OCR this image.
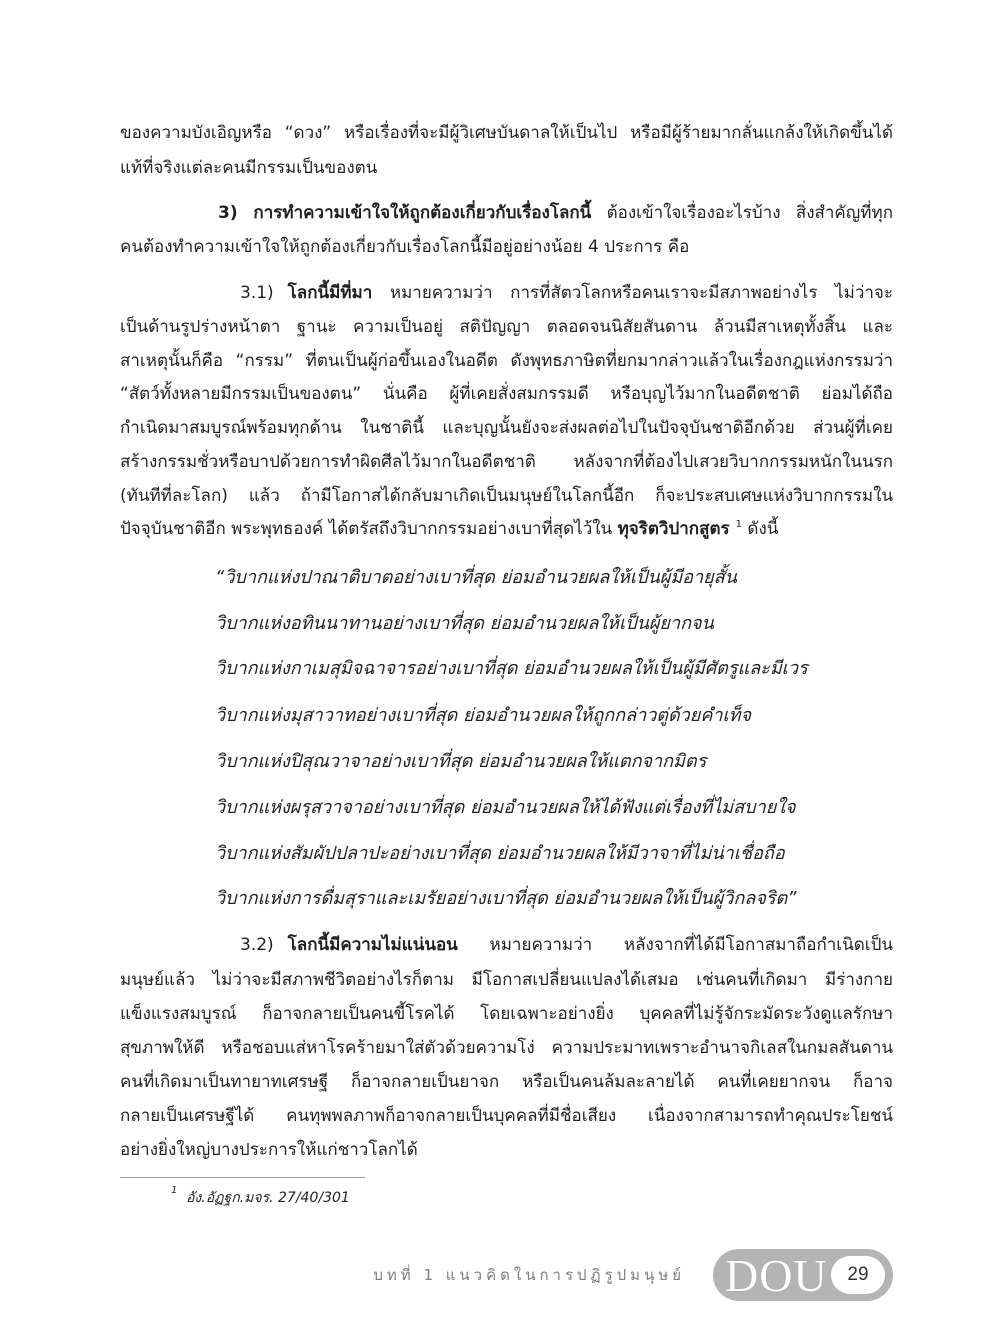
ของความบังเอิญหรือ “ดวง” หรือเรื่องที่จะมีผู้วิเศษบันดาลให้เป็นไป หรือมีผู้ร้ายมากลั่นแกล้งให้เกิดขึ้นได้
แท้ที่จริงแต่ละคนมีกรรมเป็นของตน
3) การทำความเข้าใจให้ถูกต้องเกี่ยวกับเรื่องโลกนี้ ต้องเข้าใจเรื่องอะไรบ้าง สิ่งสำคัญที่ทุก
คนต้องทำความเข้าใจให้ถูกต้องเกี่ยวกับเรื่องโลกนี้มีอยู่อย่างน้อย 4 ประการ คือ
3.1) โลกนี้มีที่มา หมายความว่า การที่สัตวโลกหรือคนเราจะมีสภาพอย่างไร ไม่ว่าจะ
เป็นด้านรูปร่างหน้าตา ฐานะ ความเป็นอยู่ สติปัญญา ตลอดจนนิสัยสันดาน ล้วนมีสาเหตุทั้งสิ้น และ
สาเหตุนั้นก็คือ “กรรม” ที่ตนเป็นผู้ก่อขึ้นเองในอดีต ดังพุทธภาษิตที่ยกมากล่าวแล้วในเรื่องกฎแห่งกรรมว่า
“สัตว์ทั้งหลายมีกรรมเป็นของตน” นั่นคือ ผู้ที่เคยสั่งสมกรรมดี หรือบุญไว้มากในอดีตชาติ ย่อมได้ถือ
กำเนิดมาสมบูรณ์พร้อมทุกด้าน ในชาตินี้ และบุญนั้นยังจะส่งผลต่อไปในปัจจุบันชาติอีกด้วย ส่วนผู้ที่เคย
สร้างกรรมชั่วหรือบาปด้วยการทำผิดศีลไว้มากในอดีตชาติ หลังจากที่ต้องไปเสวยวิบากกรรมหนักในนรก
(ทันทีที่ละโลก) แล้ว ถ้ามีโอกาสได้กลับมาเกิดเป็นมนุษย์ในโลกนี้อีก ก็จะประสบเศษแห่งวิบากกรรมใน
ปัจจุบันชาติอีก พระพุทธองค์ ได้ตรัสถึงวิบากกรรมอย่างเบาที่สุดไว้ใน ทุจริตวิปากสูตร $^1$ ดังนี้
“วิบากแห่งปาณาติบาตอย่างเบาที่สุด ย่อมอำนวยผลให้เป็นผู้มีอายุสั้น
วิบากแห่งอทินนาทานอย่างเบาที่สุด ย่อมอำนวยผลให้เป็นผู้ยากจน
วิบากแห่งกาเมสุมิจฉาจารอย่างเบาที่สุด ย่อมอำนวยผลให้เป็นผู้มีศัตรูและมีเวร
วิบากแห่งมุสาวาทอย่างเบาที่สุด ย่อมอำนวยผลให้ถูกกล่าวตู่ด้วยคำเท็จ
วิบากแห่งปิสุณวาจาอย่างเบาที่สุด ย่อมอำนวยผลให้แตกจากมิตร
วิบากแห่งผรุสวาจาอย่างเบาที่สุด ย่อมอำนวยผลให้ได้ฟังแต่เรื่องที่ไม่สบายใจ
วิบากแห่งสัมผัปปลาปะอย่างเบาที่สุด ย่อมอำนวยผลให้มีวาจาที่ไม่น่าเชื่อถือ
วิบากแห่งการดื่มสุราและเมรัยอย่างเบาที่สุด ย่อมอำนวยผลให้เป็นผู้วิกลจริต”
3.2) โลกนี้มีความไม่แน่นอน หมายความว่า หลังจากที่ได้มีโอกาสมาถือกำเนิดเป็น
มนุษย์แล้ว ไม่ว่าจะมีสภาพชีวิตอย่างไรก็ตาม มีโอกาสเปลี่ยนแปลงได้เสมอ เช่นคนที่เกิดมา มีร่างกาย
แข็งแรงสมบูรณ์ ก็อาจกลายเป็นคนขี้โรคได้ โดยเฉพาะอย่างยิ่ง บุคคลที่ไม่รู้จักระมัดระวังดูแลรักษา
สุขภาพให้ดี หรือชอบแส่หาโรคร้ายมาใส่ตัวด้วยความโง่ ความประมาทเพราะอำนาจกิเลสในกมลสันดาน
คนที่เกิดมาเป็นทายาทเศรษฐี ก็อาจกลายเป็นยาจก หรือเป็นคนล้มละลายได้ คนที่เคยยากจน ก็อาจ
กลายเป็นเศรษฐีได้ คนทุพพลภาพก็อาจกลายเป็นบุคคลที่มีชื่อเสียง เนื่องจากสามารถทำคุณประโยชน์
อย่างยิ่งใหญ่บางประการให้แก่ชาวโลกได้
1 อัง.อัฏฐก.มจร. 27/40/301
บทที่ 1 แนวคิดในการปฏิรูปมนุษย์ DOU	29
